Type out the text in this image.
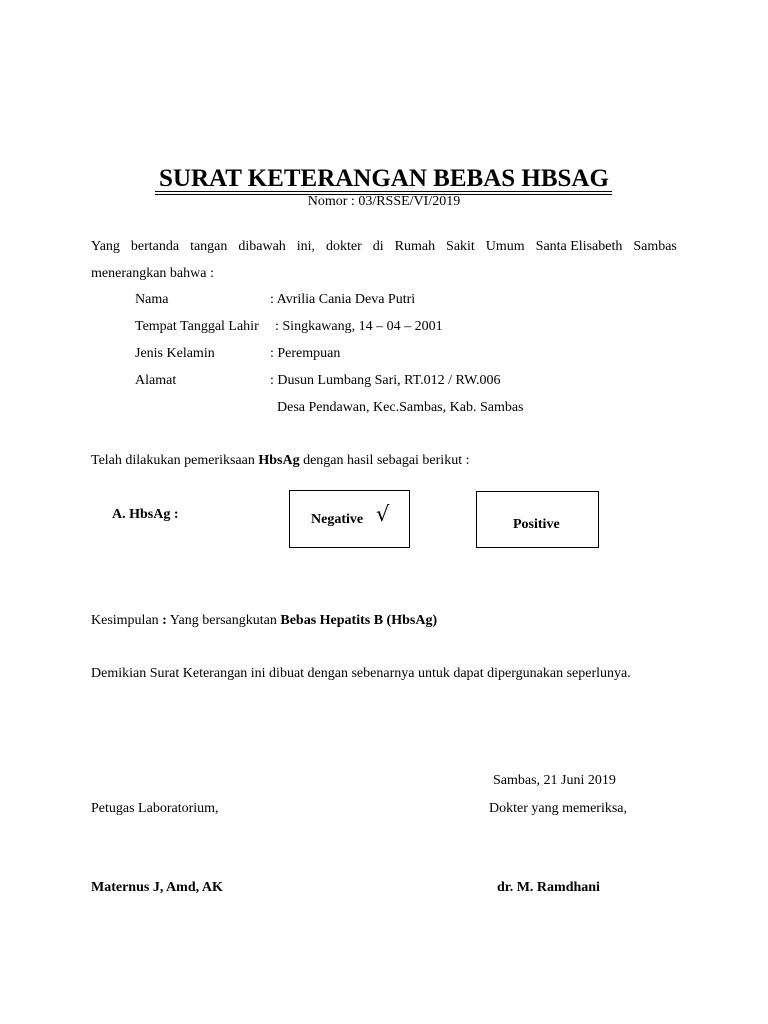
SURAT KETERANGAN BEBAS HBSAG
Nomor : 03/RSSE/VI/2019
Yang bertanda tangan dibawah ini, dokter di Rumah Sakit Umum Santa Elisabeth Sambas
menerangkan bahwa :
Nama	: Avrilia Cania Deva Putri
Tempat Tanggal Lahir : Singkawang, 14 – 04 – 2001
Jenis Kelamin	: Perempuan
Alamat	: Dusun Lumbang Sari, RT.012 / RW.006
Desa Pendawan, Kec.Sambas, Kab. Sambas
Telah dilakukan pemeriksaan HbsAg dengan hasil sebagai berikut :
A. HbsAg :	Negative √	Positive
Kesimpulan : Yang bersangkutan Bebas Hepatits B (HbsAg)
Demikian Surat Keterangan ini dibuat dengan sebenarnya untuk dapat dipergunakan seperlunya.
Sambas, 21 Juni 2019
Petugas Laboratorium,	Dokter yang memeriksa,
Maternus J, Amd, AK	dr. M. Ramdhani
